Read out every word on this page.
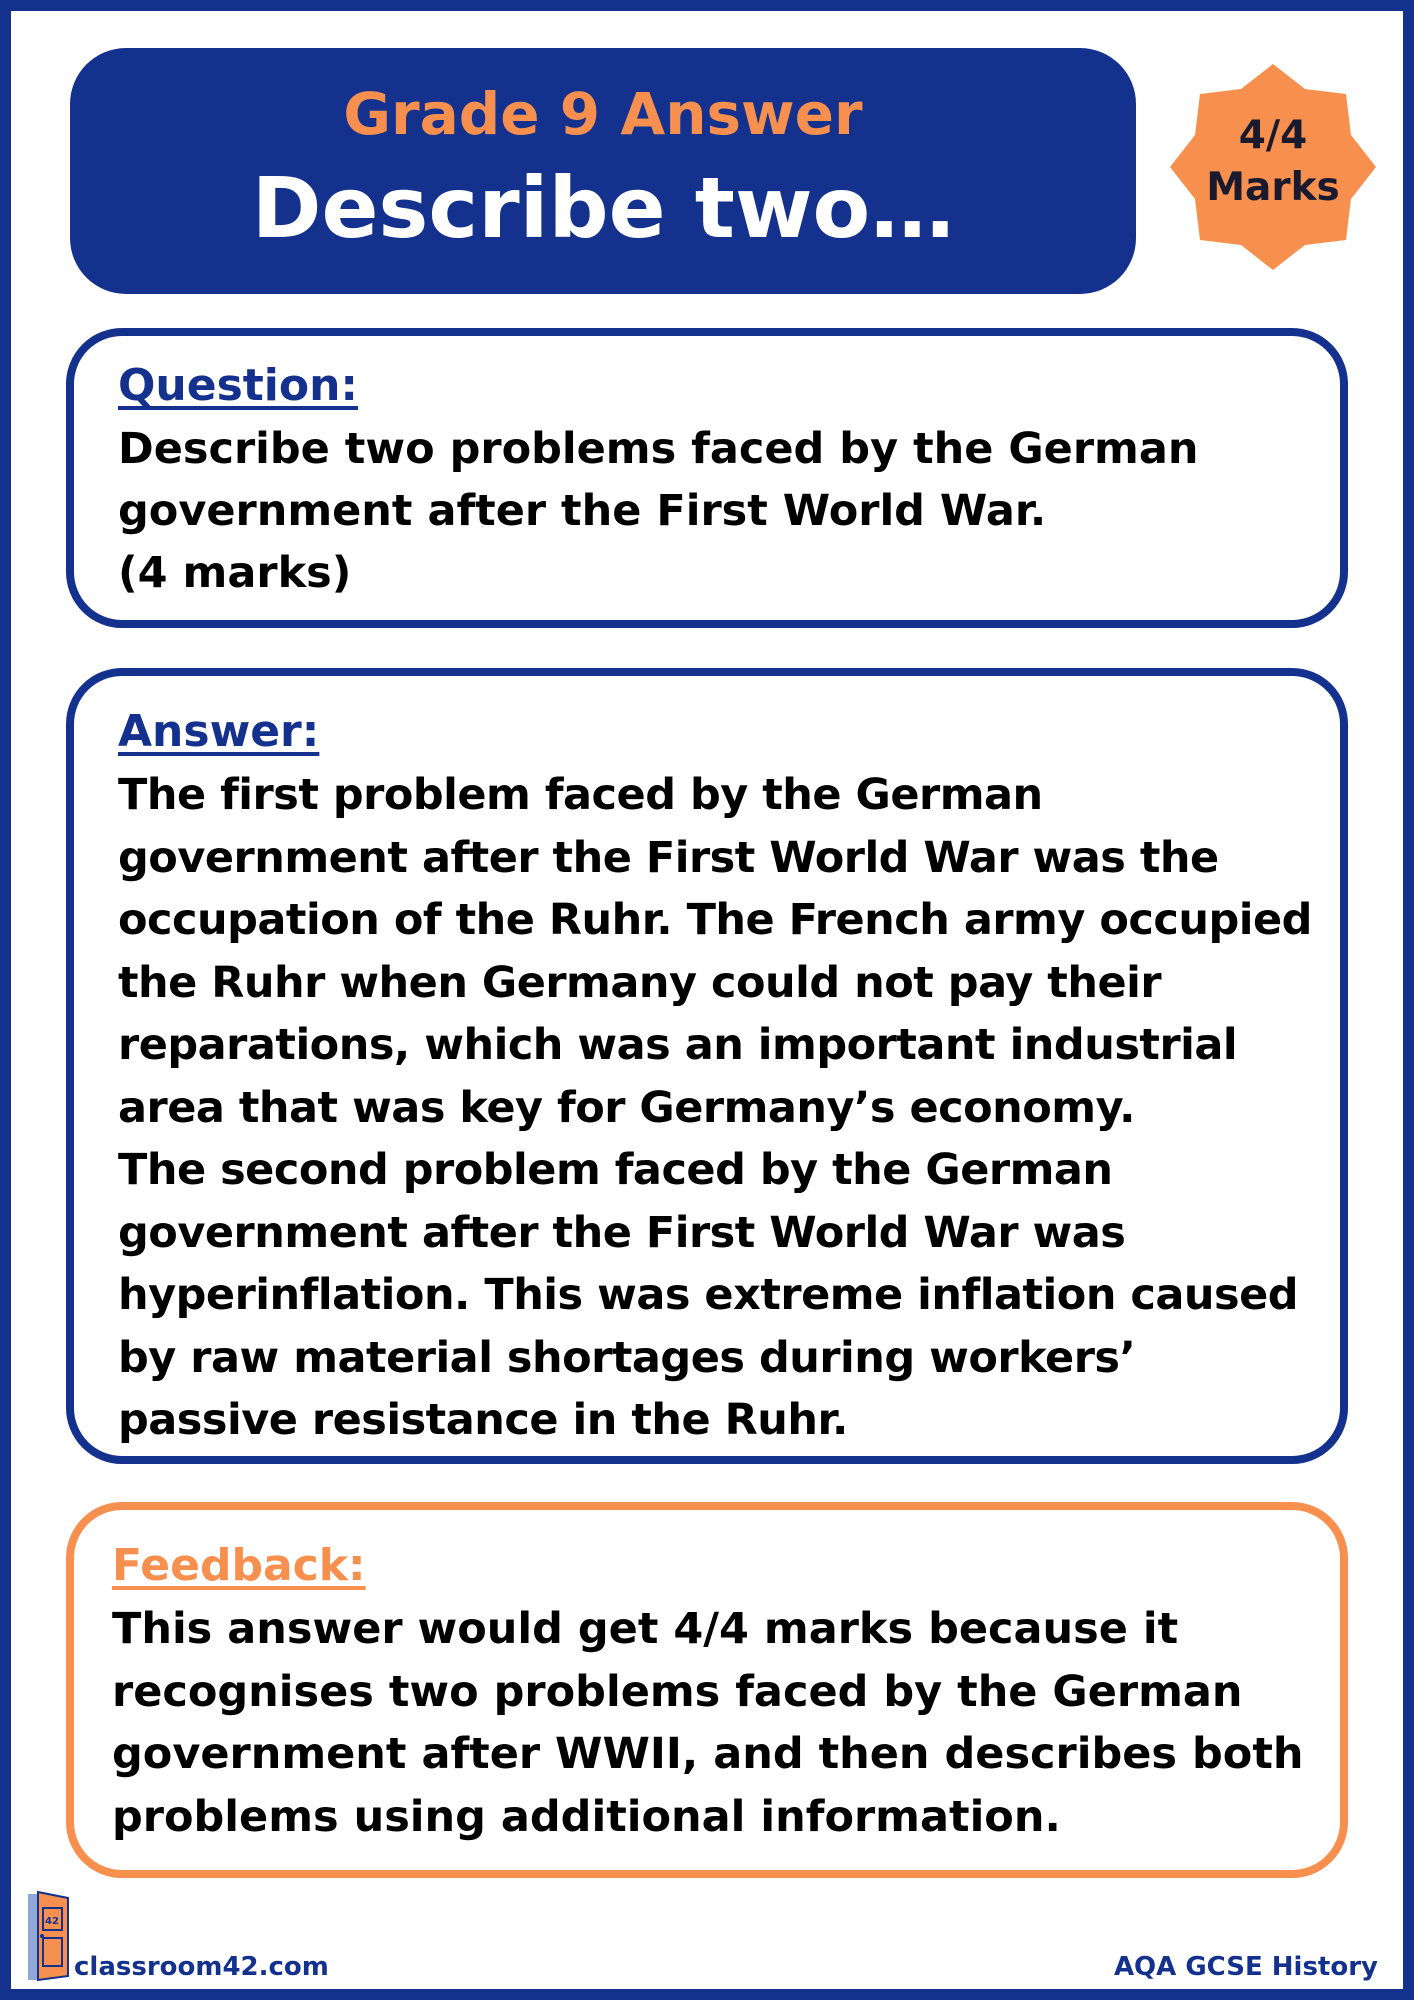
Grade 9 Answer
Describe two…
4/4
Marks
Question:
Describe two problems faced by the German government after the First World War.
(4 marks)
Answer:
The first problem faced by the German government after the First World War was the occupation of the Ruhr. The French army occupied the Ruhr when Germany could not pay their reparations, which was an important industrial area that was key for Germany’s economy.
The second problem faced by the German government after the First World War was hyperinflation. This was extreme inflation caused by raw material shortages during workers’ passive resistance in the Ruhr.
Feedback:
This answer would get 4/4 marks because it recognises two problems faced by the German government after WWII, and then describes both problems using additional information.
42
classroom42.com	AQA GCSE History
